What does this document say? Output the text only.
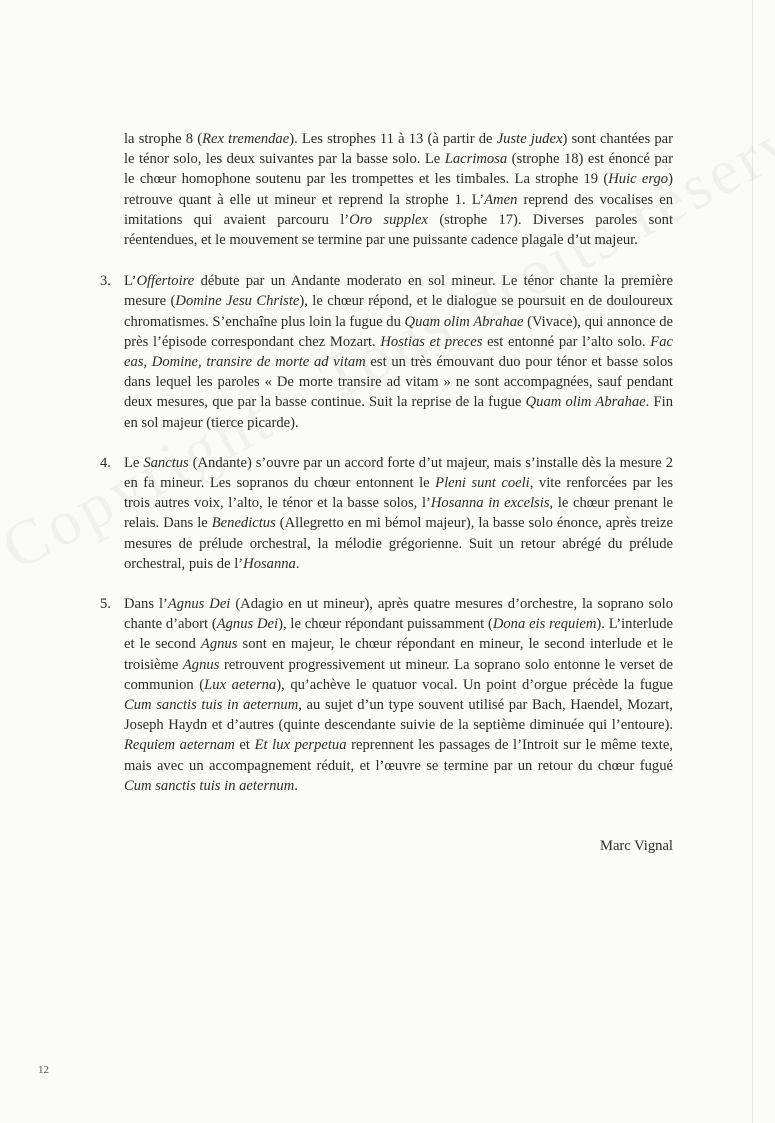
la strophe 8 (Rex tremendae). Les strophes 11 à 13 (à partir de Juste judex) sont chantées par le ténor solo, les deux suivantes par la basse solo. Le Lacrimosa (strophe 18) est énoncé par le chœur homophone soutenu par les trompettes et les timbales. La strophe 19 (Huic ergo) retrouve quant à elle ut mineur et reprend la strophe 1. L’Amen reprend des vocalises en imitations qui avaient parcouru l’Oro supplex (strophe 17). Diverses paroles sont réentendues, et le mouvement se termine par une puissante cadence plagale d’ut majeur.

3. L’Offertoire débute par un Andante moderato en sol mineur. Le ténor chante la première mesure (Domine Jesu Christe), le chœur répond, et le dialogue se poursuit en de douloureux chromatismes. S’enchaîne plus loin la fugue du Quam olim Abrahae (Vivace), qui annonce de près l’épisode correspondant chez Mozart. Hostias et preces est entonné par l’alto solo. Fac eas, Domine, transire de morte ad vitam est un très émouvant duo pour ténor et basse solos dans lequel les paroles « De morte transire ad vitam » ne sont accompagnées, sauf pendant deux mesures, que par la basse continue. Suit la reprise de la fugue Quam olim Abrahae. Fin en sol majeur (tierce picarde).

4. Le Sanctus (Andante) s’ouvre par un accord forte d’ut majeur, mais s’installe dès la mesure 2 en fa mineur. Les sopranos du chœur entonnent le Pleni sunt coeli, vite renforcées par les trois autres voix, l’alto, le ténor et la basse solos, l’Hosanna in excelsis, le chœur prenant le relais. Dans le Benedictus (Allegretto en mi bémol majeur), la basse solo énonce, après treize mesures de prélude orchestral, la mélodie grégorienne. Suit un retour abrégé du prélude orchestral, puis de l’Hosanna.

5. Dans l’Agnus Dei (Adagio en ut mineur), après quatre mesures d’orchestre, la soprano solo chante d’abort (Agnus Dei), le chœur répondant puissamment (Dona eis requiem). L’interlude et le second Agnus sont en majeur, le chœur répondant en mineur, le second interlude et le troisième Agnus retrouvent progressivement ut mineur. La soprano solo entonne le verset de communion (Lux aeterna), qu’achève le quatuor vocal. Un point d’orgue précède la fugue Cum sanctis tuis in aeternum, au sujet d’un type souvent utilisé par Bach, Haendel, Mozart, Joseph Haydn et d’autres (quinte descendante suivie de la septième diminuée qui l’entoure). Requiem aeternam et Et lux perpetua reprennent les passages de l’Introit sur le même texte, mais avec un accompagnement réduit, et l’œuvre se termine par un retour du chœur fugué Cum sanctis tuis in aeternum.

Marc Vignal
12
